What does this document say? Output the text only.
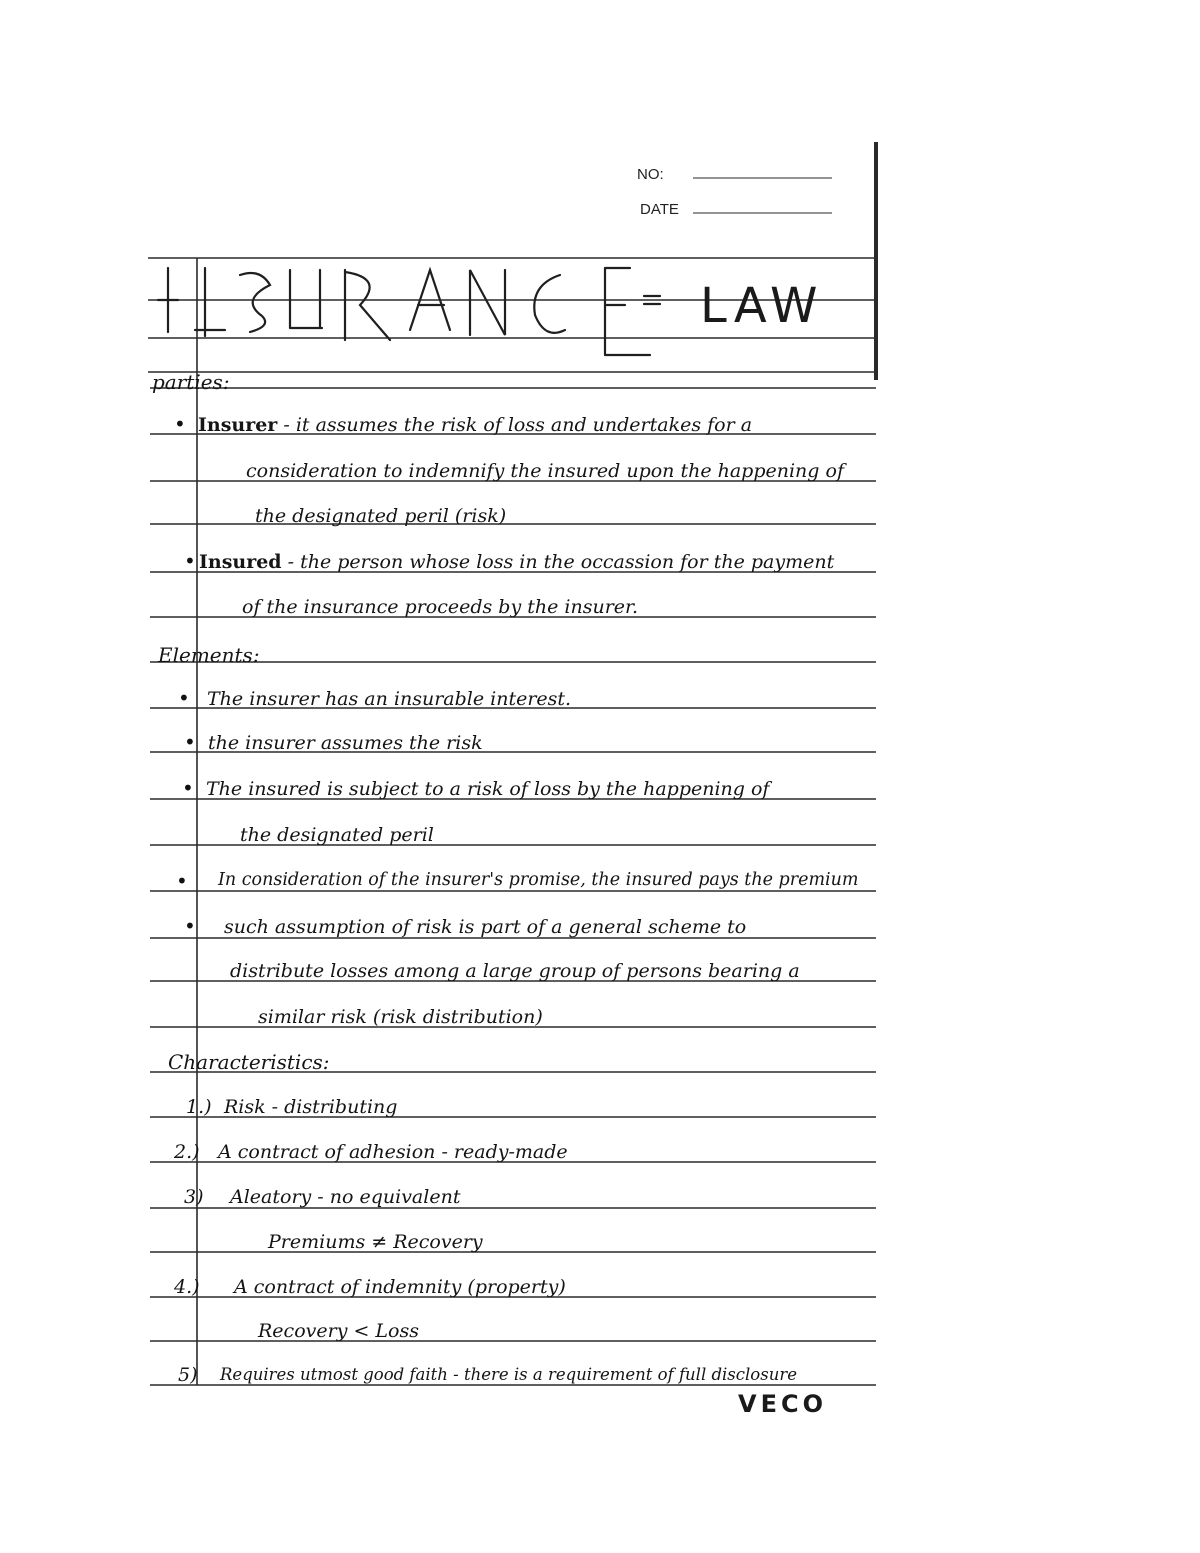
NO:
DATE
LAW
parties:
• Insurer - it assumes the risk of loss and undertakes for a
consideration to indemnify the insured upon the happening of
the designated peril (risk)
• Insured - the person whose loss in the occassion for the payment
of the insurance proceeds by the insurer.
Elements:
• The insurer has an insurable interest.
• the insurer assumes the risk
• The insured is subject to a risk of loss by the happening of
the designated peril
• In consideration of the insurer's promise, the insured pays the premium
• such assumption of risk is part of a general scheme to
distribute losses among a large group of persons bearing a
similar risk (risk distribution)
Characteristics:
1.) Risk - distributing
2.) A contract of adhesion - ready-made
3) Aleatory - no equivalent
Premiums ≠ Recovery
4.) A contract of indemnity (property)
Recovery < Loss
5) Requires utmost good faith - there is a requirement of full disclosure
VECO
